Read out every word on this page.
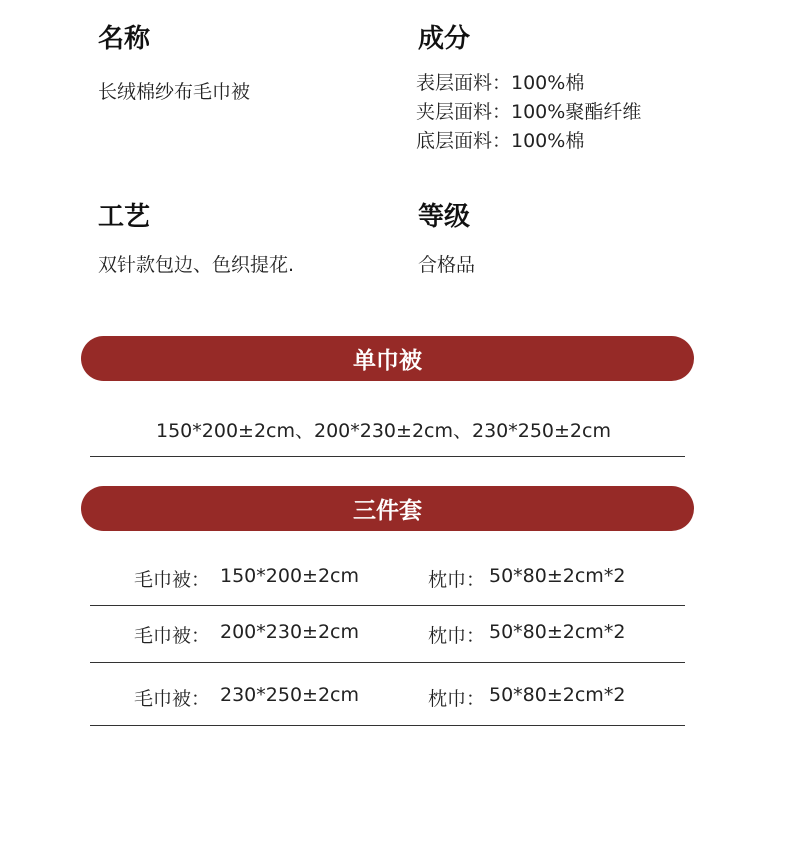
名称
长绒棉纱布毛巾被
成分
表层面料：100%棉
夹层面料：100%聚酯纤维
底层面料：100%棉
工艺
双针款包边、色织提花.
等级
合格品
单巾被
150*200±2cm、200*230±2cm、230*250±2cm
三件套
毛巾被： 150*200±2cm	枕巾： 50*80±2cm*2
毛巾被： 200*230±2cm	枕巾： 50*80±2cm*2
毛巾被： 230*250±2cm	枕巾： 50*80±2cm*2
